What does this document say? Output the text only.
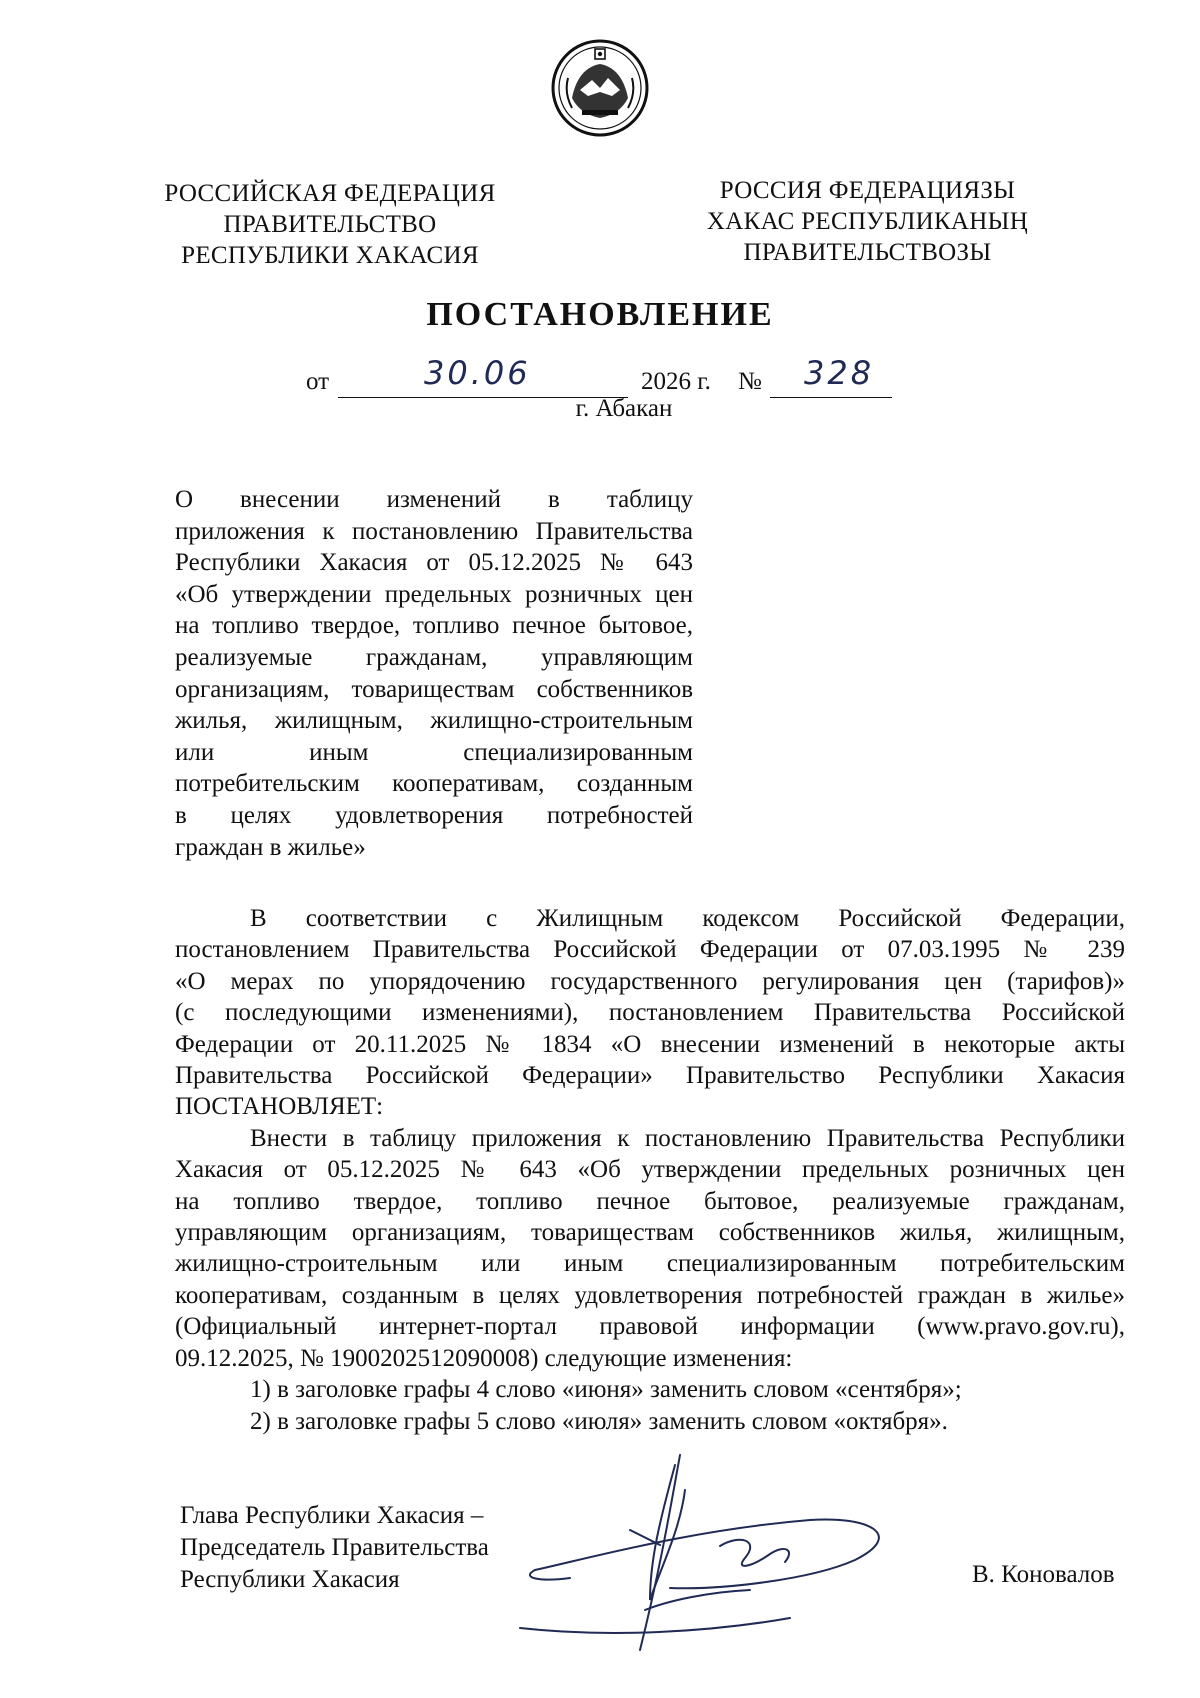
РОССИЙСКАЯ ФЕДЕРАЦИЯ
ПРАВИТЕЛЬСТВО
РЕСПУБЛИКИ ХАКАСИЯ
РОССИЯ ФЕДЕРАЦИЯЗЫ
ХАКАС РЕСПУБЛИКАНЫҢ
ПРАВИТЕЛЬСТВОЗЫ
ПОСТАНОВЛЕНИЕ
от	30.06	2026 г. № 328
г. Абакан
О внесении изменений в таблицу
приложения к постановлению Правительства
Республики Хакасия от 05.12.2025 № 643
«Об утверждении предельных розничных цен
на топливо твердое, топливо печное бытовое,
реализуемые гражданам, управляющим
организациям, товариществам собственников
жилья, жилищным, жилищно-строительным
или иным специализированным
потребительским кооперативам, созданным
в целях удовлетворения потребностей
граждан в жилье»
В соответствии с Жилищным кодексом Российской Федерации,
постановлением Правительства Российской Федерации от 07.03.1995 № 239
«О мерах по упорядочению государственного регулирования цен (тарифов)»
(с последующими изменениями), постановлением Правительства Российской
Федерации от 20.11.2025 № 1834 «О внесении изменений в некоторые акты
Правительства Российской Федерации» Правительство Республики Хакасия
ПОСТАНОВЛЯЕТ:
Внести в таблицу приложения к постановлению Правительства Республики
Хакасия от 05.12.2025 № 643 «Об утверждении предельных розничных цен
на топливо твердое, топливо печное бытовое, реализуемые гражданам,
управляющим организациям, товариществам собственников жилья, жилищным,
жилищно-строительным или иным специализированным потребительским
кооперативам, созданным в целях удовлетворения потребностей граждан в жилье»
(Официальный интернет-портал правовой информации (www.pravo.gov.ru),
09.12.2025, № 1900202512090008) следующие изменения:
1) в заголовке графы 4 слово «июня» заменить словом «сентября»;
2) в заголовке графы 5 слово «июля» заменить словом «октября».
Глава Республики Хакасия –
Председатель Правительства
Республики Хакасия	В. Коновалов
